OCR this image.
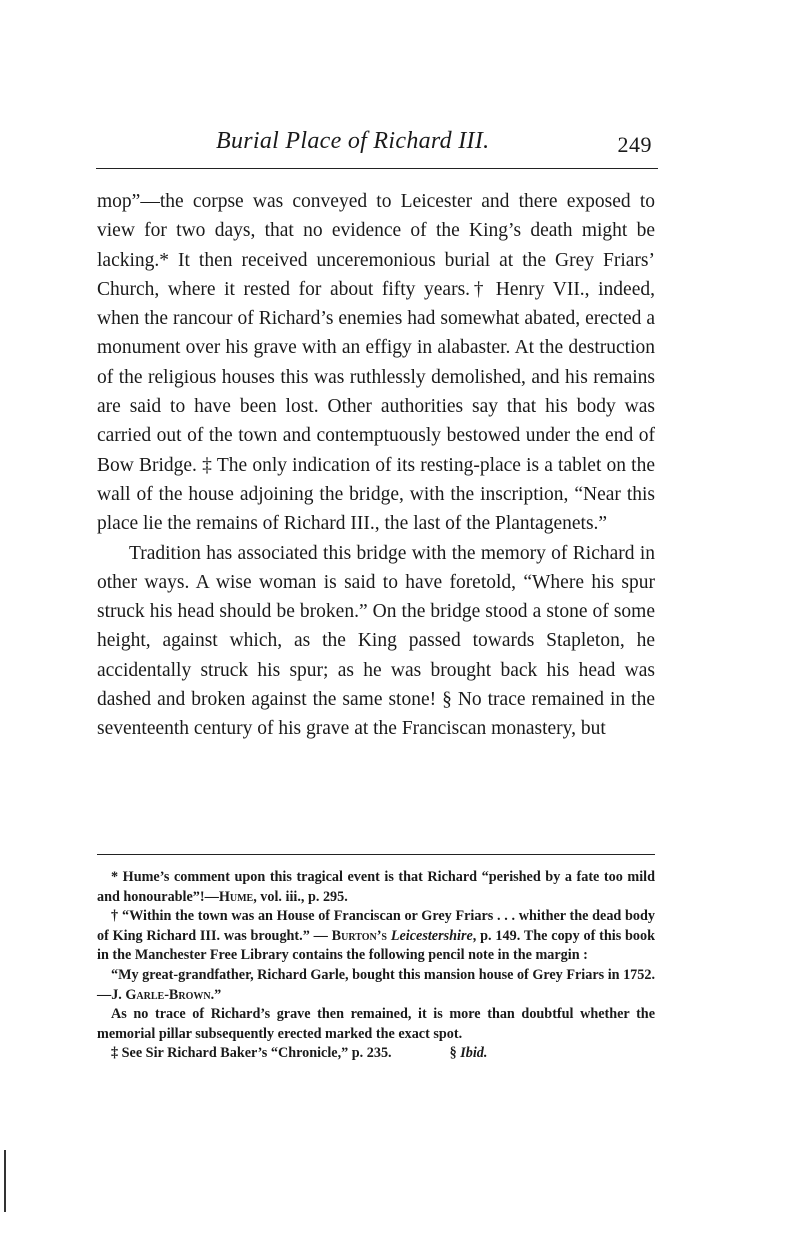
Burial Place of Richard III.	249

mop”—the corpse was conveyed to Leicester and there exposed to view for two days, that no evidence of the King’s death might be lacking.* It then received unceremonious burial at the Grey Friars’ Church, where it rested for about fifty years.† Henry VII., indeed, when the rancour of Richard’s enemies had somewhat abated, erected a monument over his grave with an effigy in alabaster. At the destruction of the religious houses this was ruthlessly demolished, and his remains are said to have been lost. Other authorities say that his body was carried out of the town and contemptuously bestowed under the end of Bow Bridge. ‡ The only indication of its resting-place is a tablet on the wall of the house adjoining the bridge, with the inscription, “Near this place lie the remains of Richard III., the last of the Plantagenets.”

Tradition has associated this bridge with the memory of Richard in other ways. A wise woman is said to have foretold, “Where his spur struck his head should be broken.” On the bridge stood a stone of some height, against which, as the King passed towards Stapleton, he accidentally struck his spur; as he was brought back his head was dashed and broken against the same stone! § No trace remained in the seventeenth century of his grave at the Franciscan monastery, but

* Hume’s comment upon this tragical event is that Richard “perished by a fate too mild and honourable”!—Hume, vol. iii., p. 295.

† “Within the town was an House of Franciscan or Grey Friars . . . whither the dead body of King Richard III. was brought.” — Burton’s Leicestershire, p. 149. The copy of this book in the Manchester Free Library contains the following pencil note in the margin :

“My great-grandfather, Richard Garle, bought this mansion house of Grey Friars in 1752.—J. Garle-Brown.”

As no trace of Richard’s grave then remained, it is more than doubtful whether the memorial pillar subsequently erected marked the exact spot.

‡ See Sir Richard Baker’s “Chronicle,” p. 235.	§ Ibid.
